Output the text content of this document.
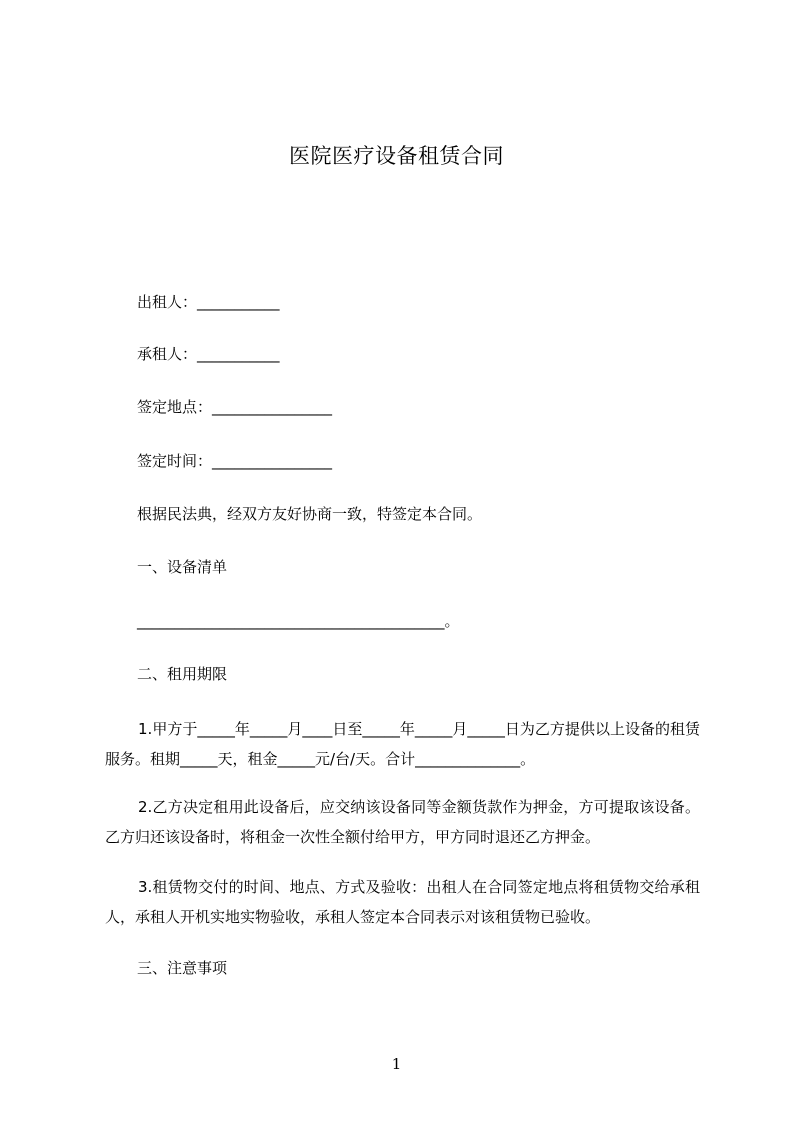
医院医疗设备租赁合同
出租人：___________
承租人：___________
签定地点：________________
签定时间：________________
根据民法典，经双方友好协商一致，特签定本合同。
一、设备清单
_________________________________________。
二、租用期限
1.甲方于_____年_____月____日至_____年_____月_____日为乙方提供以上设备的租赁服务。租期_____天，租金_____元/台/天。合计______________。
2.乙方决定租用此设备后，应交纳该设备同等金额货款作为押金，方可提取该设备。乙方归还该设备时，将租金一次性全额付给甲方，甲方同时退还乙方押金。
3.租赁物交付的时间、地点、方式及验收：出租人在合同签定地点将租赁物交给承租人，承租人开机实地实物验收，承租人签定本合同表示对该租赁物已验收。
三、注意事项
1
